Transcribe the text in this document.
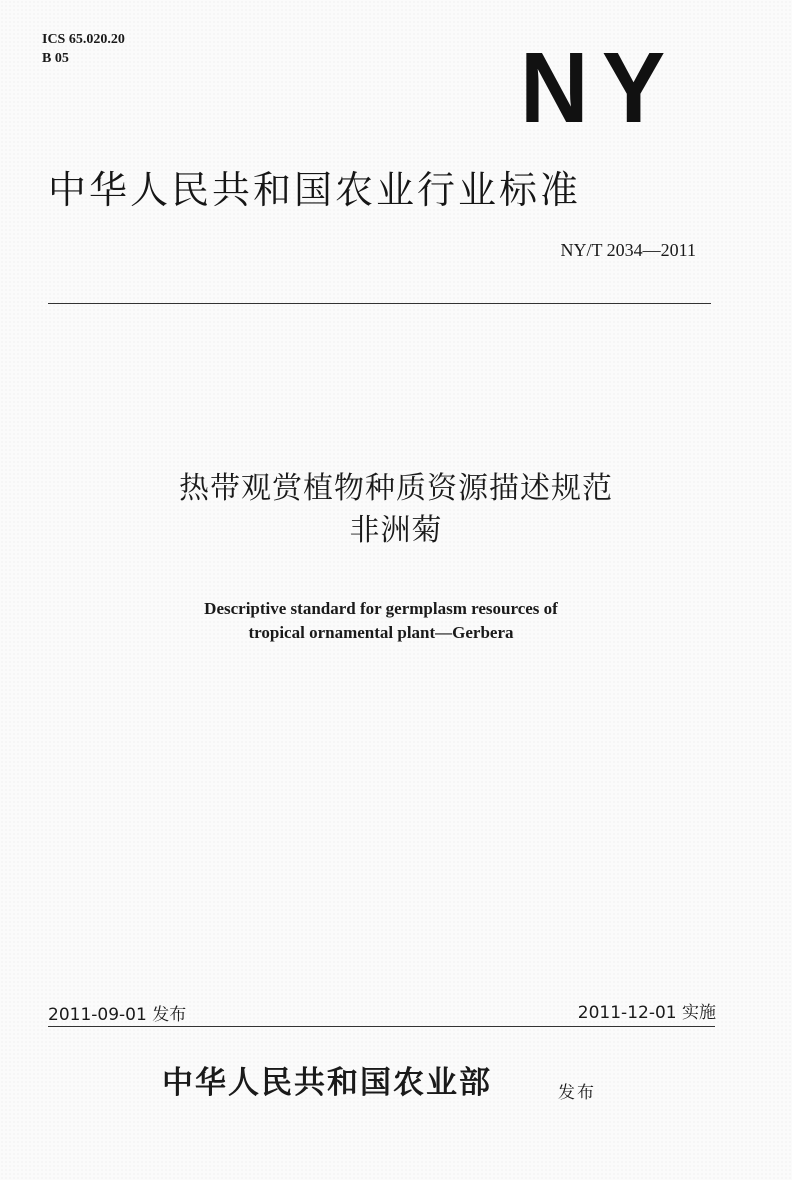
ICS 65.020.20
B 05	NY
中华人民共和国农业行业标准
NY/T 2034—2011
热带观赏植物种质资源描述规范
非洲菊
Descriptive standard for germplasm resources of
tropical ornamental plant—Gerbera
2011-09-01 发布	2011-12-01 实施
中华人民共和国农业部	发布
